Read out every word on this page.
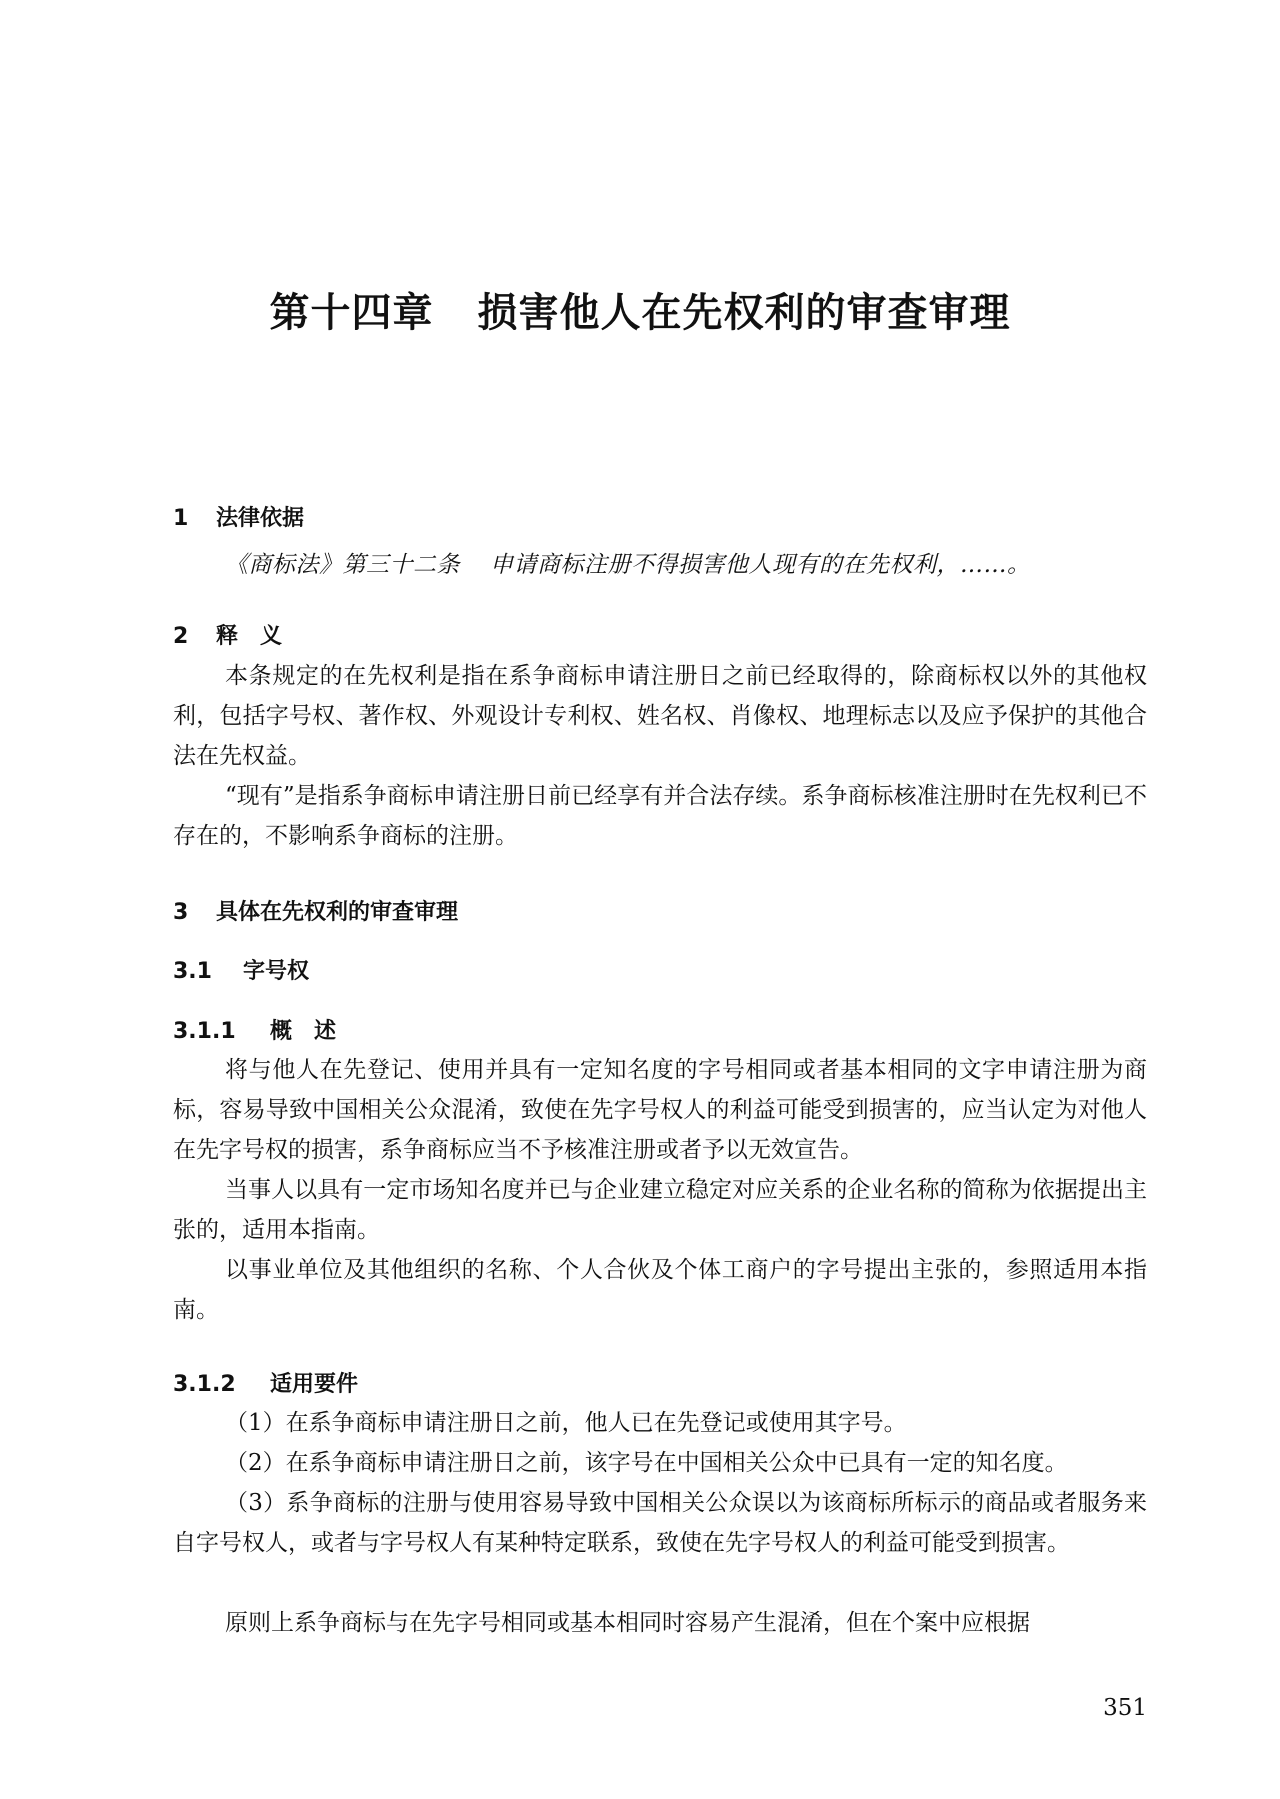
第十四章 损害他人在先权利的审查审理
1 法律依据
《商标法》第三十二条 申请商标注册不得损害他人现有的在先权利，……。
2 释　义

本条规定的在先权利是指在系争商标申请注册日之前已经取得的，除商标权以外的其他权利，包括字号权、著作权、外观设计专利权、姓名权、肖像权、地理标志以及应予保护的其他合法在先权益。

“现有”是指系争商标申请注册日前已经享有并合法存续。系争商标核准注册时在先权利已不存在的，不影响系争商标的注册。

3 具体在先权利的审查审理
3.1 字号权
3.1.1 概　述

将与他人在先登记、使用并具有一定知名度的字号相同或者基本相同的文字申请注册为商标，容易导致中国相关公众混淆，致使在先字号权人的利益可能受到损害的，应当认定为对他人在先字号权的损害，系争商标应当不予核准注册或者予以无效宣告。

当事人以具有一定市场知名度并已与企业建立稳定对应关系的企业名称的简称为依据提出主张的，适用本指南。

以事业单位及其他组织的名称、个人合伙及个体工商户的字号提出主张的，参照适用本指南。

3.1.2 适用要件

（1）在系争商标申请注册日之前，他人已在先登记或使用其字号。

（2）在系争商标申请注册日之前，该字号在中国相关公众中已具有一定的知名度。

（3）系争商标的注册与使用容易导致中国相关公众误以为该商标所标示的商品或者服务来自字号权人，或者与字号权人有某种特定联系，致使在先字号权人的利益可能受到损害。

原则上系争商标与在先字号相同或基本相同时容易产生混淆，但在个案中应根据

351
